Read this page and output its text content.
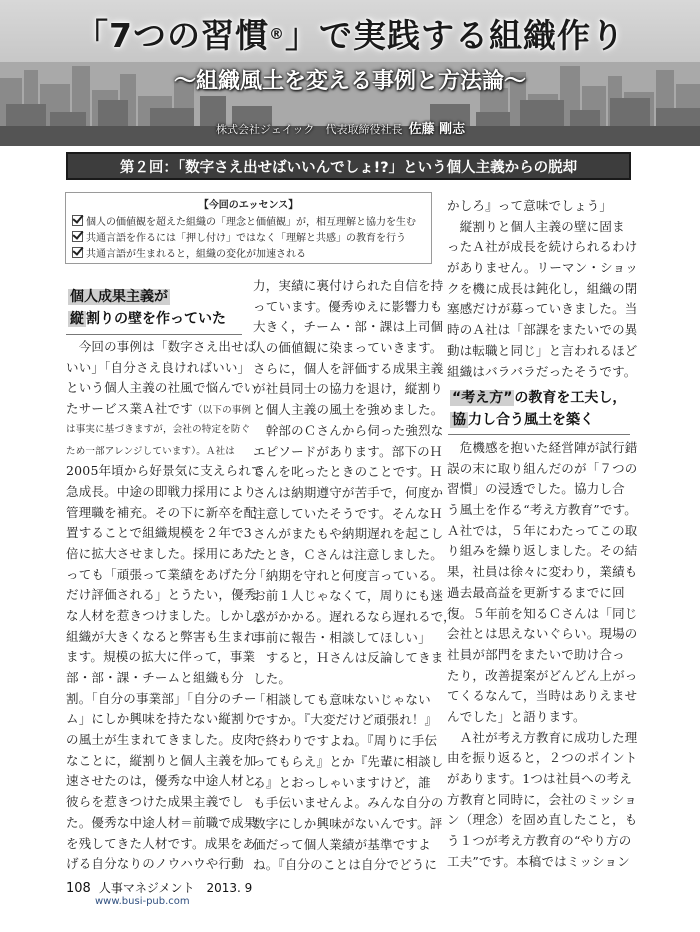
「7つの習慣®」で実践する組織作り
～組織風土を変える事例と方法論～
株式会社ジェイック　代表取締役社長 佐藤 剛志
第２回：「数字さえ出せばいいんでしょ!?」という個人主義からの脱却
【今回のエッセンス】
個人の価値観を超えた組織の「理念と価値観」が，相互理解と協力を生む
共通言語を作るには「押し付け」ではなく「理解と共感」の教育を行う
共通言語が生まれると，組織の変化が加速される
個人成果主義が
縦 割りの壁を作っていた
　今回の事例は「数字さえ出せば
いい」「自分さえ良ければいい」
という個人主義の社風で悩んでい
たサービス業Ａ社です（以下の事例
は事実に基づきますが，会社の特定を防ぐ
ため一部アレンジしています）。Ａ社は
2005年頃から好景気に支えられて
急成長。中途の即戦力採用により
管理職を補充。その下に新卒を配
置することで組織規模を２年で3
倍に拡大させました。採用にあた
っても「頑張って業績をあげた分
だけ評価される」とうたい，優秀
な人材を惹きつけました。しかし，
組織が大きくなると弊害も生まれ
ます。規模の拡大に伴って，事業
部・部・課・チームと組織も分
割。「自分の事業部」「自分のチー
ム」にしか興味を持たない縦割り
の風土が生まれてきました。皮肉
なことに，縦割りと個人主義を加
速させたのは，優秀な中途人材と，
彼らを惹きつけた成果主義でし
た。優秀な中途人材＝前職で成果
を残してきた人材です。成果をあ
げる自分なりのノウハウや行動
力，実績に裏付けられた自信を持
っています。優秀ゆえに影響力も
大きく，チーム・部・課は上司個
人の価値観に染まっていきます。
さらに，個人を評価する成果主義
が社員同士の協力を退け，縦割り
と個人主義の風土を強めました。
　幹部のＣさんから伺った強烈な
エピソードがあります。部下のＨ
さんを叱ったときのことです。Ｈ
さんは納期遵守が苦手で，何度か
注意していたそうです。そんなＨ
さんがまたもや納期遅れを起こし
たとき，Ｃさんは注意しました。
「納期を守れと何度言っている。
お前１人じゃなくて，周りにも迷
惑がかかる。遅れるなら遅れるで，
事前に報告・相談してほしい」
　すると，Ｈさんは反論してきま
した。
「相談しても意味ないじゃない
ですか。『大変だけど頑張れ！』
で終わりですよね。『周りに手伝
ってもらえ』とか『先輩に相談し
ろ』とおっしゃいますけど，誰
も手伝いませんよ。みんな自分の
数字にしか興味がないんです。評
価だって個人業績が基準ですよ
ね。『自分のことは自分でどうに
かしろ』って意味でしょう」
　縦割りと個人主義の壁に固ま
ったＡ社が成長を続けられるわけ
がありません。リーマン・ショッ
クを機に成長は鈍化し，組織の閉
塞感だけが募っていきました。当
時のＡ社は「部課をまたいでの異
動は転職と同じ」と言われるほど
組織はバラバラだったそうです。
“考え方” の教育を工夫し，
協 力し合う風土を築く
　危機感を抱いた経営陣が試行錯
誤の末に取り組んだのが「７つの
習慣」の浸透でした。協力し合
う風土を作る“考え方教育”です。
Ａ社では，５年にわたってこの取
り組みを繰り返しました。その結
果，社員は徐々に変わり，業績も
過去最高益を更新するまでに回
復。５年前を知るＣさんは「同じ
会社とは思えないぐらい。現場の
社員が部門をまたいで助け合っ
たり，改善提案がどんどん上がっ
てくるなんて，当時はありえませ
んでした」と語ります。
　Ａ社が考え方教育に成功した理
由を振り返ると，２つのポイント
があります。1つは社員への考え
方教育と同時に，会社のミッショ
ン（理念）を固め直したこと，も
う１つが考え方教育の“やり方の
工夫”です。本稿ではミッション
108 人事マネジメント　2013. 9
www.busi-pub.com
